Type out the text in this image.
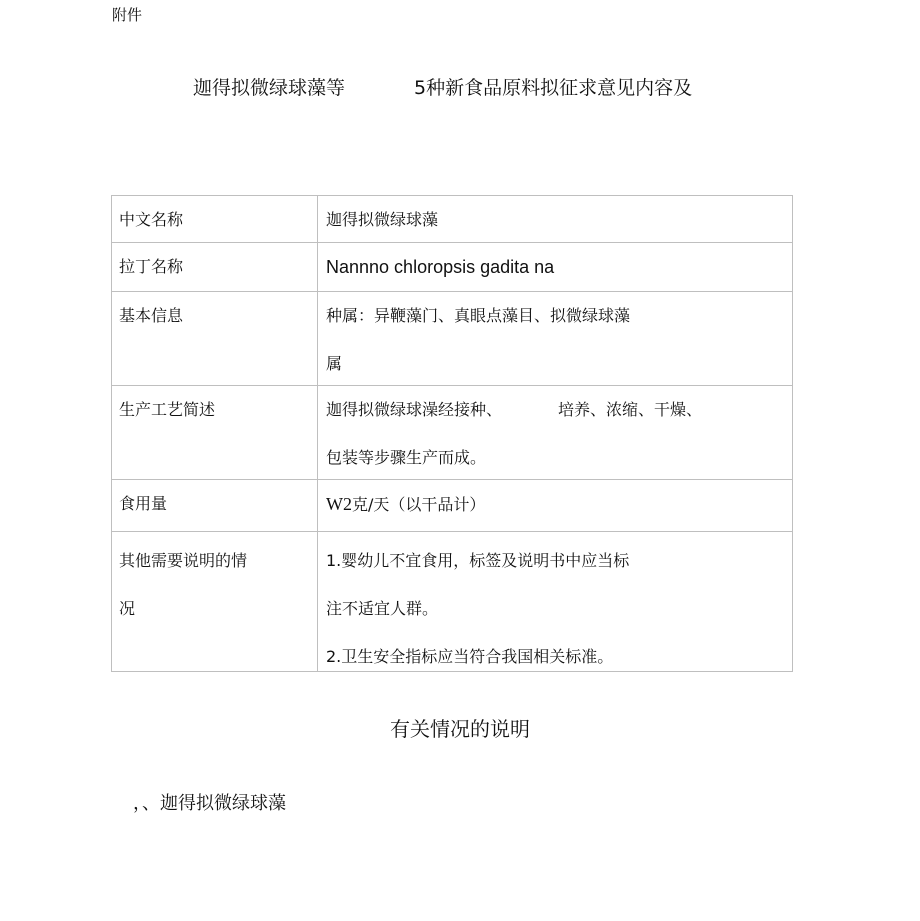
附件
迦得拟微绿球藻等	5种新食品原料拟征求意见内容及
中文名称	迦得拟微绿球藻
拉丁名称	Nannno chloropsis gadita na
基本信息	种属：异鞭藻门、真眼点藻目、拟微绿球藻
属

生产工艺简述	迦得拟微绿球澡经接种、 培养、浓缩、干燥、
包装等步骤生产而成。

食用量	W2克/天（以干品计）

其他需要说明的情
况	1.婴幼儿不宜食用，标签及说明书中应当标
注不适宜人群。
2.卫生安全指标应当符合我国相关标准。
有关情况的说明
，、迦得拟微绿球藻
